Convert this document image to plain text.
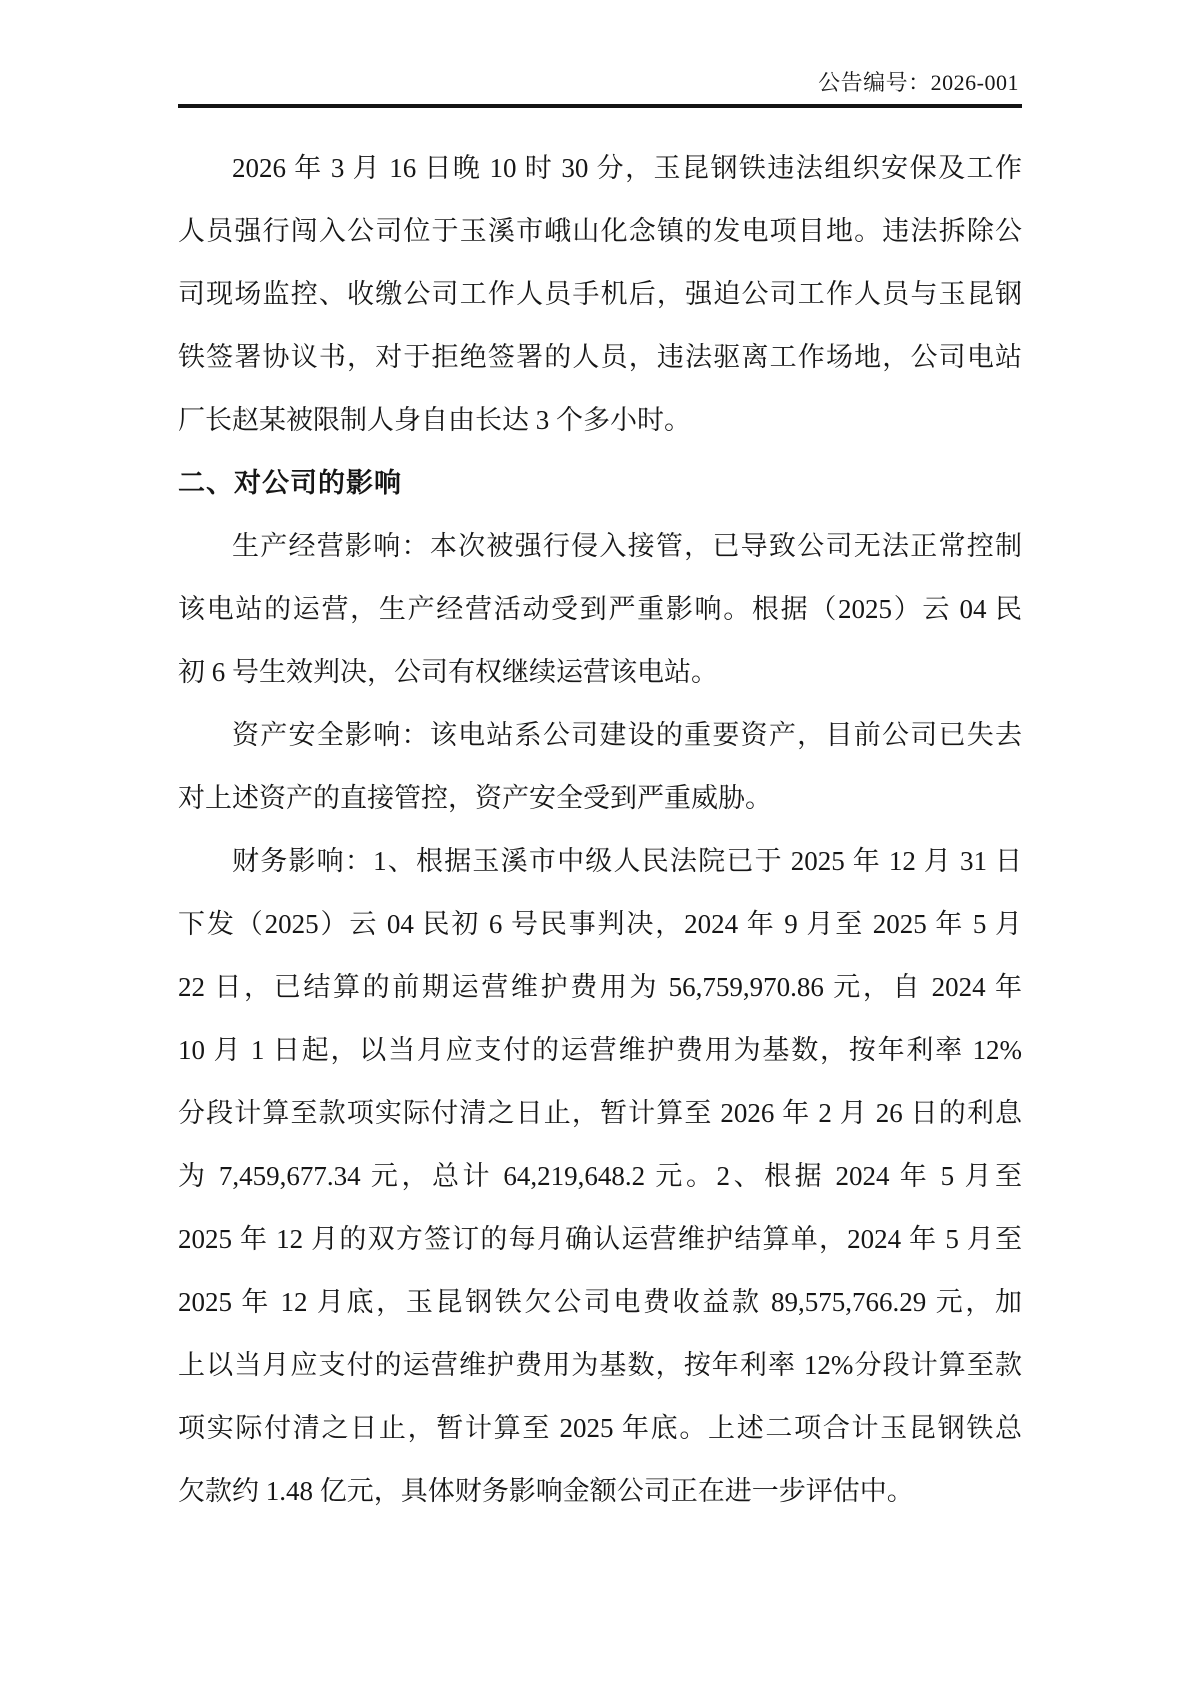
公告编号：2026-001
2026 年 3 月 16 日晚 10 时 30 分，玉昆钢铁违法组织安保及工作
人员强行闯入公司位于玉溪市峨山化念镇的发电项目地。违法拆除公
司现场监控、收缴公司工作人员手机后，强迫公司工作人员与玉昆钢
铁签署协议书，对于拒绝签署的人员，违法驱离工作场地，公司电站
厂长赵某被限制人身自由长达 3 个多小时。
二、对公司的影响
生产经营影响：本次被强行侵入接管，已导致公司无法正常控制
该电站的运营，生产经营活动受到严重影响。根据（2025）云 04 民
初 6 号生效判决，公司有权继续运营该电站。
资产安全影响：该电站系公司建设的重要资产，目前公司已失去
对上述资产的直接管控，资产安全受到严重威胁。
财务影响：1、根据玉溪市中级人民法院已于 2025 年 12 月 31 日
下发（2025）云 04 民初 6 号民事判决，2024 年 9 月至 2025 年 5 月
22 日，已结算的前期运营维护费用为 56,759,970.86 元，自 2024 年
10 月 1 日起，以当月应支付的运营维护费用为基数，按年利率 12%
分段计算至款项实际付清之日止，暂计算至 2026 年 2 月 26 日的利息
为 7,459,677.34 元，总计 64,219,648.2 元。2、根据 2024 年 5 月至
2025 年 12 月的双方签订的每月确认运营维护结算单，2024 年 5 月至
2025 年 12 月底，玉昆钢铁欠公司电费收益款 89,575,766.29 元，加
上以当月应支付的运营维护费用为基数，按年利率 12%分段计算至款
项实际付清之日止，暂计算至 2025 年底。上述二项合计玉昆钢铁总
欠款约 1.48 亿元，具体财务影响金额公司正在进一步评估中。
